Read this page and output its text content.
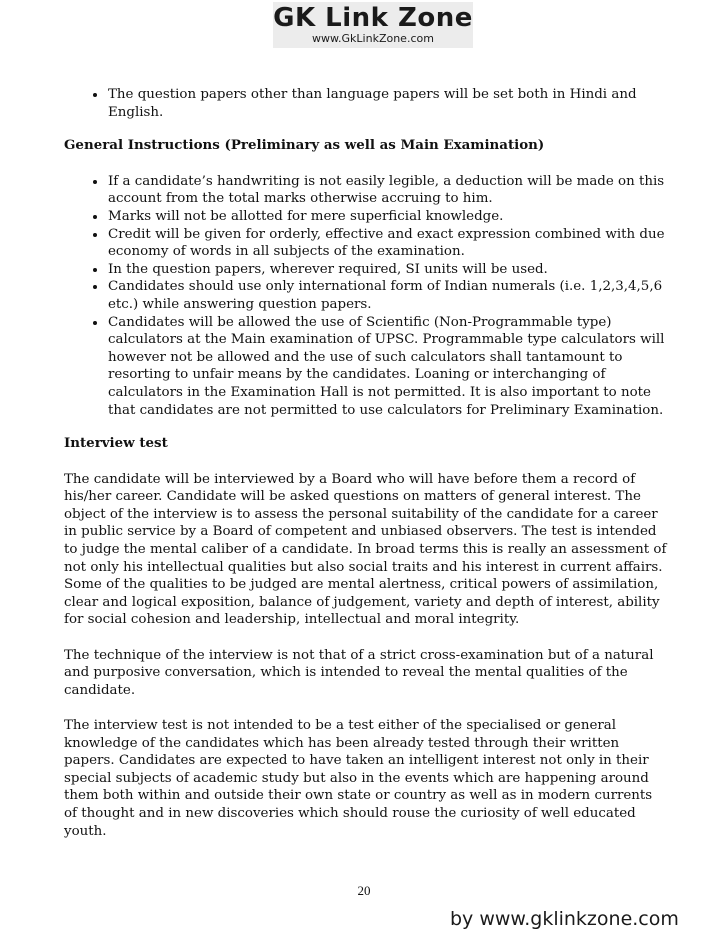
GK Link Zone
www.GkLinkZone.com
• The question papers other than language papers will be set both in Hindi and English.
General Instructions (Preliminary as well as Main Examination)
• If a candidate’s handwriting is not easily legible, a deduction will be made on this account from the total marks otherwise accruing to him.
• Marks will not be allotted for mere superficial knowledge.
• Credit will be given for orderly, effective and exact expression combined with due economy of words in all subjects of the examination.
• In the question papers, wherever required, SI units will be used.
• Candidates should use only international form of Indian numerals (i.e. 1,2,3,4,5,6 etc.) while answering question papers.
• Candidates will be allowed the use of Scientific (Non-Programmable type) calculators at the Main examination of UPSC. Programmable type calculators will however not be allowed and the use of such calculators shall tantamount to resorting to unfair means by the candidates. Loaning or interchanging of calculators in the Examination Hall is not permitted. It is also important to note that candidates are not permitted to use calculators for Preliminary Examination.
Interview test

The candidate will be interviewed by a Board who will have before them a record of his/her career. Candidate will be asked questions on matters of general interest. The object of the interview is to assess the personal suitability of the candidate for a career in public service by a Board of competent and unbiased observers. The test is intended to judge the mental caliber of a candidate. In broad terms this is really an assessment of not only his intellectual qualities but also social traits and his interest in current affairs. Some of the qualities to be judged are mental alertness, critical powers of assimilation, clear and logical exposition, balance of judgement, variety and depth of interest, ability for social cohesion and leadership, intellectual and moral integrity.

The technique of the interview is not that of a strict cross-examination but of a natural and purposive conversation, which is intended to reveal the mental qualities of the candidate.

The interview test is not intended to be a test either of the specialised or general knowledge of the candidates which has been already tested through their written papers. Candidates are expected to have taken an intelligent interest not only in their special subjects of academic study but also in the events which are happening around them both within and outside their own state or country as well as in modern currents of thought and in new discoveries which should rouse the curiosity of well educated youth.

20
by www.gklinkzone.com
